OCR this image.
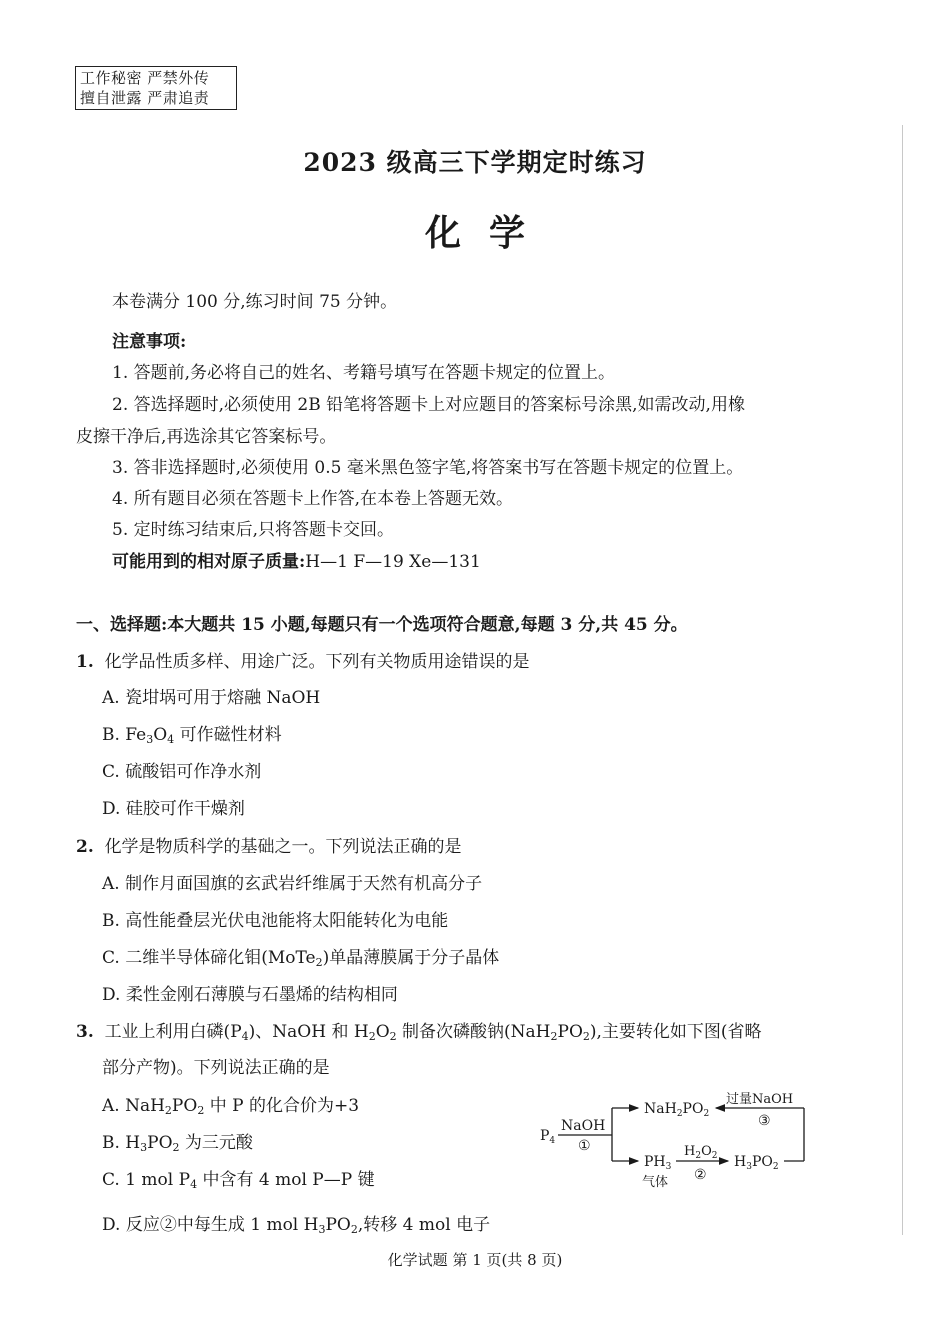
工作秘密 严禁外传
擅自泄露 严肃追责
2023 级高三下学期定时练习
化学
本卷满分 100 分,练习时间 75 分钟。
注意事项:
1. 答题前,务必将自己的姓名、考籍号填写在答题卡规定的位置上。
2. 答选择题时,必须使用 2B 铅笔将答题卡上对应题目的答案标号涂黑,如需改动,用橡
皮擦干净后,再选涂其它答案标号。
3. 答非选择题时,必须使用 0.5 毫米黑色签字笔,将答案书写在答题卡规定的位置上。
4. 所有题目必须在答题卡上作答,在本卷上答题无效。
5. 定时练习结束后,只将答题卡交回。
可能用到的相对原子质量:H—1 F—19 Xe—131
一、选择题:本大题共 15 小题,每题只有一个选项符合题意,每题 3 分,共 45 分。
1. 化学品性质多样、用途广泛。下列有关物质用途错误的是
A. 瓷坩埚可用于熔融 NaOH
B. $Fe_3O_4$ 可作磁性材料
C. 硫酸铝可作净水剂
D. 硅胶可作干燥剂
2. 化学是物质科学的基础之一。下列说法正确的是
A. 制作月面国旗的玄武岩纤维属于天然有机高分子
B. 高性能叠层光伏电池能将太阳能转化为电能
C. 二维半导体碲化钼(MoTe$_2$)单晶薄膜属于分子晶体
D. 柔性金刚石薄膜与石墨烯的结构相同
3. 工业上利用白磷$(P_4)$、NaOH 和 $H_2O_2$ 制备次磷酸钠$(NaH_2PO_2)$,主要转化如下图(省略
部分产物)。下列说法正确的是
A. $NaH_2PO_2$ 中 P 的化合价为+3
B. $H_3PO_2$ 为三元酸
C. 1 mol $P_4$ 中含有 4 mol P—P 键
D. 反应②中每生成 1 mol $H_3PO_2$,转移 4 mol 电子
$P_4$
NaOH
①
$NaH_2PO_2$
过量NaOH
③
$PH_3$
气体
$H_2O_2$
②
$H_3PO_2$
化学试题 第 1 页(共 8 页)
